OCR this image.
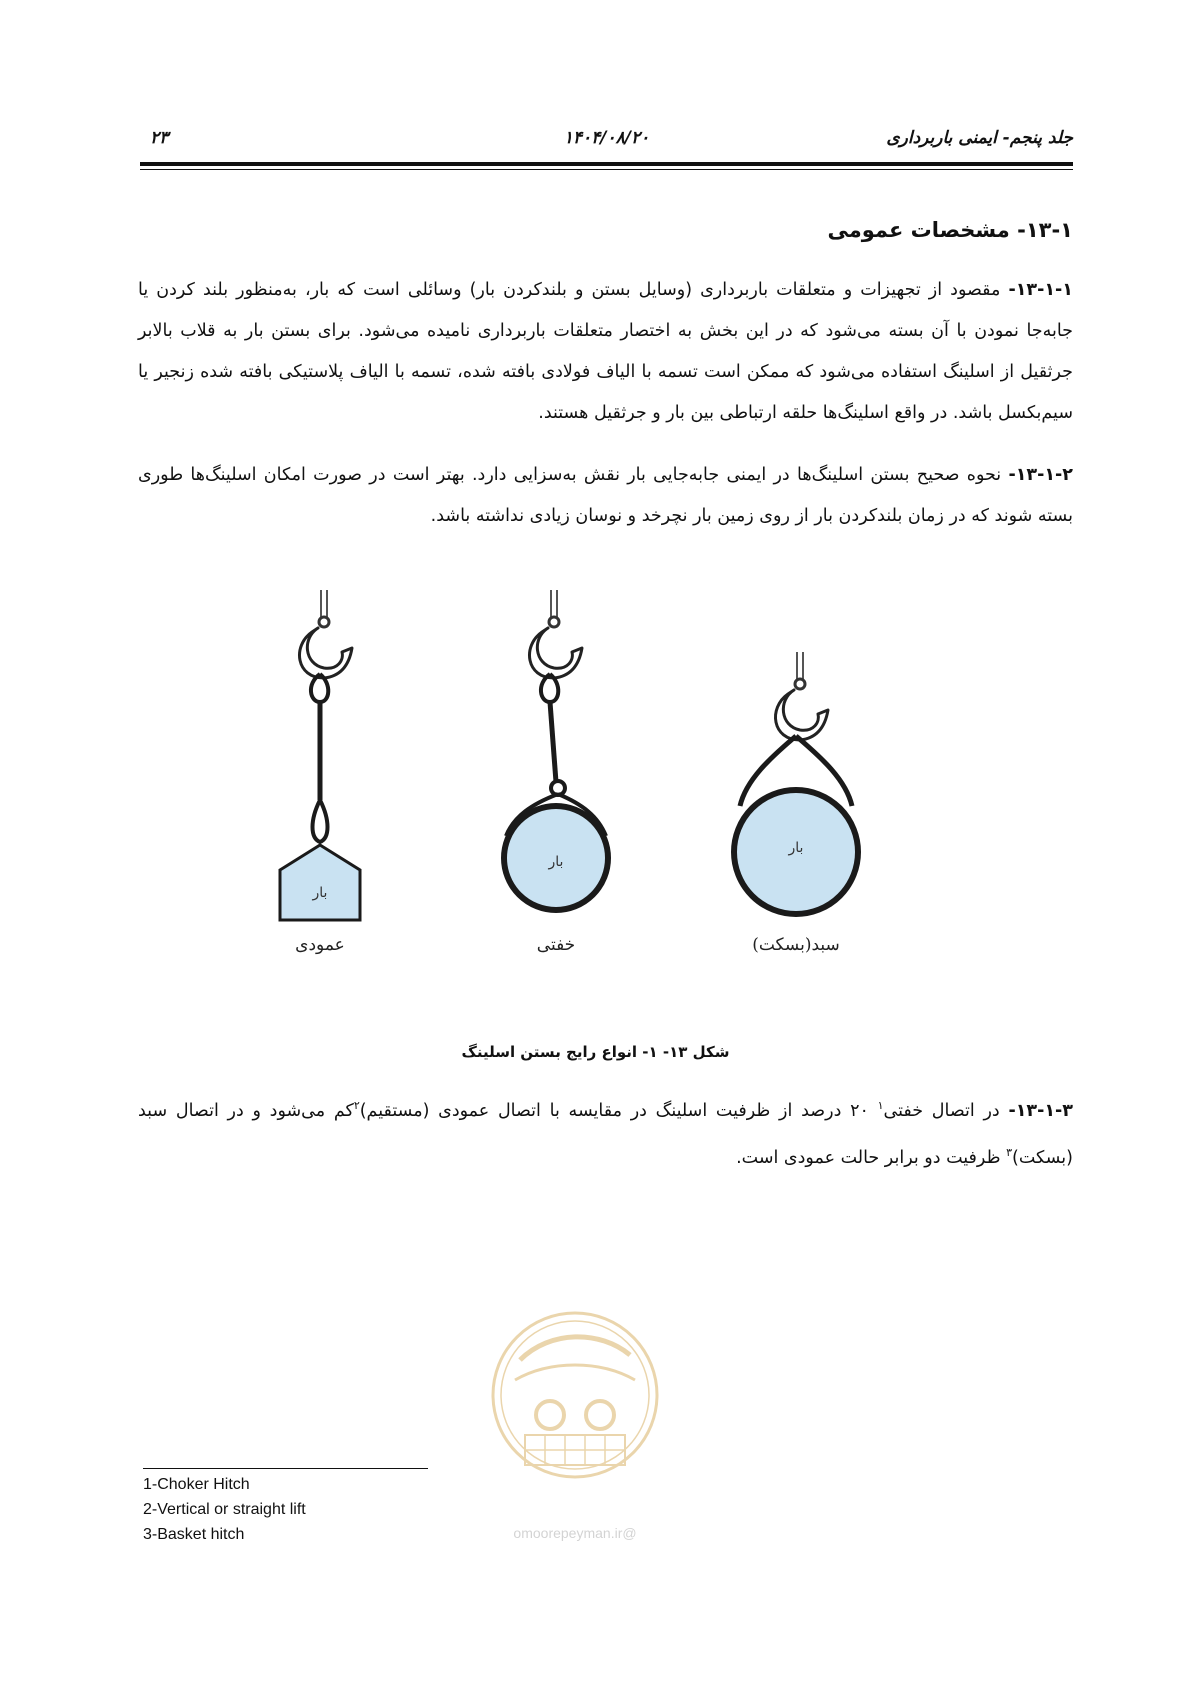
جلد پنجم- ایمنی باربرداری
۱۴۰۴/۰۸/۲۰
۲۳
۱۳-۱- مشخصات عمومی

۱۳-۱-۱- مقصود از تجهیزات و متعلقات باربرداری (وسایل بستن و بلندکردن بار) وسائلی است که بار، به‌منظور بلند کردن یا جابه‌جا نمودن با آن بسته می‌شود که در این بخش به اختصار متعلقات باربرداری نامیده می‌شود. برای بستن بار به قلاب بالابر جرثقیل از اسلینگ استفاده می‌شود که ممکن است تسمه با الیاف فولادی بافته شده، تسمه با الیاف پلاستیکی بافته شده زنجیر یا سیم‌بکسل باشد. در واقع اسلینگ‌ها حلقه ارتباطی بین بار و جرثقیل هستند.

۱۳-۱-۲- نحوه صحیح بستن اسلینگ‌ها در ایمنی جابه‌جایی بار نقش به‌سزایی دارد. بهتر است در صورت امکان اسلینگ‌ها طوری بسته شوند که در زمان بلندکردن بار از روی زمین بار نچرخد و نوسان زیادی نداشته باشد.

بار
عمودی
بار
خفتی
بار
سبد(بسکت)
شکل ۱۳- ۱- انواع رایج بستن اسلینگ

۱۳-۱-۳- در اتصال خفتی$^۱$ ۲۰ درصد از ظرفیت اسلینگ در مقایسه با اتصال عمودی (مستقیم)$^۲$کم می‌شود و در اتصال سبد (بسکت)$^۳$ ظرفیت دو برابر حالت عمودی است.

@omoorepeyman.ir
1-Choker Hitch
2-Vertical or straight lift
3-Basket hitch
